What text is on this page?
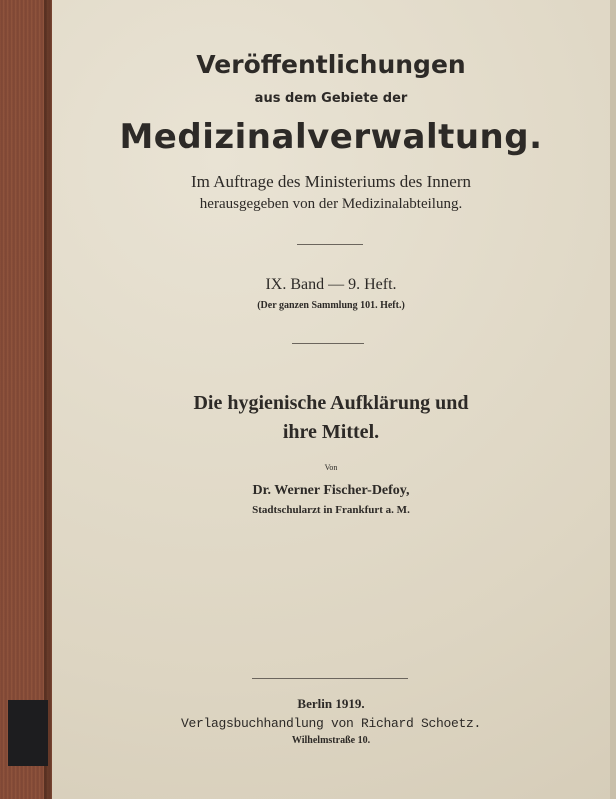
Veröffentlichungen
aus dem Gebiete der
Medizinalverwaltung.
Im Auftrage des Ministeriums des Innern
herausgegeben von der Medizinalabteilung.
IX. Band — 9. Heft.
(Der ganzen Sammlung 101. Heft.)
Die hygienische Aufklärung und
ihre Mittel.
Von
Dr. Werner Fischer-Defoy,
Stadtschularzt in Frankfurt a. M.
Berlin 1919.
Verlagsbuchhandlung von Richard Schoetz.
Wilhelmstraße 10.
